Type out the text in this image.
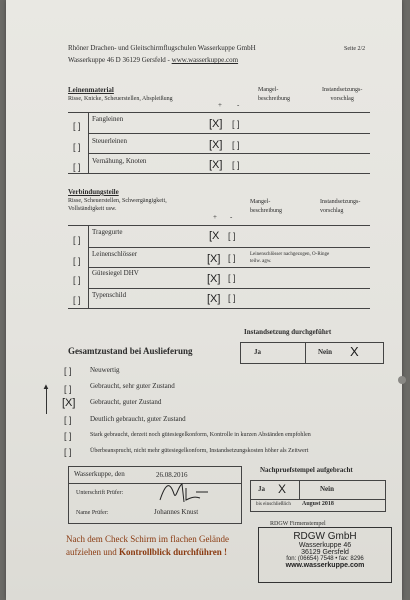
Rhöner Drachen- und Gleitschirmflugschulen Wasserkuppe GmbH
Wasserkuppe 46 D 36129 Gersfeld - www.wasserkuppe.com
Seite 2/2
Leinenmaterial
Risse, Knicke, Scheuerstellen, Abspleißung
Mangel-
beschreibung
Instandsetzungs-
vorschlag
+ -
[ ]
Fangleinen	[X] [ ]
[ ]
Steuerleinen	[X] [ ]
[ ]
Vernähung, Knoten	[X] [ ]
Verbindungsteile
Risse, Scheuerstellen, Schwergängigkeit,
Vollständigkeit usw.
Mangel-
beschreibung
Instandsetzungs-
vorschlag
+ -
[ ]
Tragegurte	[X [ ]
[ ]
Leinenschlösser	[X] [ ]	Leinenschlösser nachgezogen, O-Ringe teilw. agw.
[ ]
Gütesiegel DHV	[X] [ ]
[ ] Typenschild	[X] [ ]
Instandsetzung durchgeführt
Ja	Nein X
Gesamtzustand bei Auslieferung
▲
[ ]	Neuwertig
[ ]	Gebraucht, sehr guter Zustand
[X] Gebraucht, guter Zustand
[ ]	Deutlich gebraucht, guter Zustand
[ ]	Stark gebraucht, derzeit noch gütesiegelkonform, Kontrolle in kurzen Abständen empfohlen
[ ]	Überbeansprucht, nicht mehr gütesiegelkonform, Instandsetzungskosten höher als Zeitwert
Wasserkuppe, den	26.08.2016
Unterschrift Prüfer:
Name Prüfer:	Johannes Knust
Nachpruefstempel aufgebracht
Ja X	Nein
bis einschließlich August 2018
RDGW Firmenstempel
Nach dem Check Schirm im flachen Gelände
aufziehen und Kontrollblick durchführen !
RDGW GmbH
Wasserkuppe 46
36129 Gersfeld
fon: (06654) 7548 • fax: 8296
www.wasserkuppe.com
